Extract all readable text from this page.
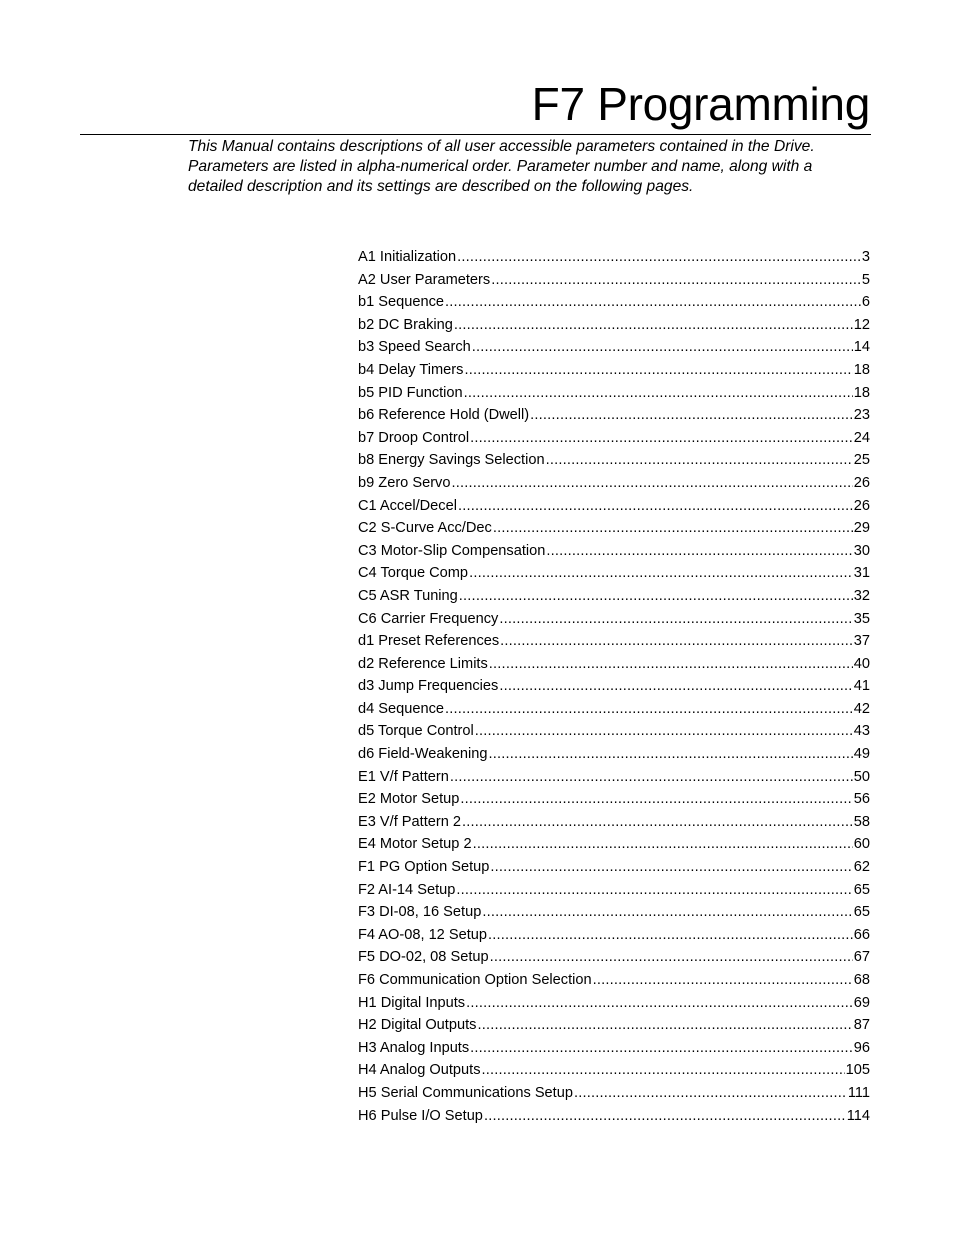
F7 Programming
This Manual contains descriptions of all user accessible parameters contained in the Drive.
Parameters are listed in alpha-numerical order. Parameter number and name, along with a
detailed description and its settings are described on the following pages.
A1 Initialization .....	3
A2 User Parameters .....	5
b1 Sequence .....	6
b2 DC Braking .....	12
b3 Speed Search .....	14
b4 Delay Timers .....	18
b5 PID Function .....	18
b6 Reference Hold (Dwell) .....	23
b7 Droop Control .....	24
b8 Energy Savings Selection .....	25
b9 Zero Servo .....	26
C1 Accel/Decel .....	26
C2 S-Curve Acc/Dec .....	29
C3 Motor-Slip Compensation .....	30
C4 Torque Comp .....	31
C5 ASR Tuning .....	32
C6 Carrier Frequency .....	35
d1 Preset References .....	37
d2 Reference Limits .....	40
d3 Jump Frequencies .....	41
d4 Sequence .....	42
d5 Torque Control .....	43
d6 Field-Weakening .....	49
E1 V/f Pattern .....	50
E2 Motor Setup .....	56
E3 V/f Pattern 2 .....	58
E4 Motor Setup 2 .....	60
F1 PG Option Setup .....	62
F2 AI-14 Setup .....	65
F3 DI-08, 16 Setup .....	65
F4 AO-08, 12 Setup .....	66
F5 DO-02, 08 Setup .....	67
F6 Communication Option Selection .....	68
H1 Digital Inputs .....	69
H2 Digital Outputs .....	87
H3 Analog Inputs .....	96
H4 Analog Outputs .....	105
H5 Serial Communications Setup .....	111
H6 Pulse I/O Setup .....	114
